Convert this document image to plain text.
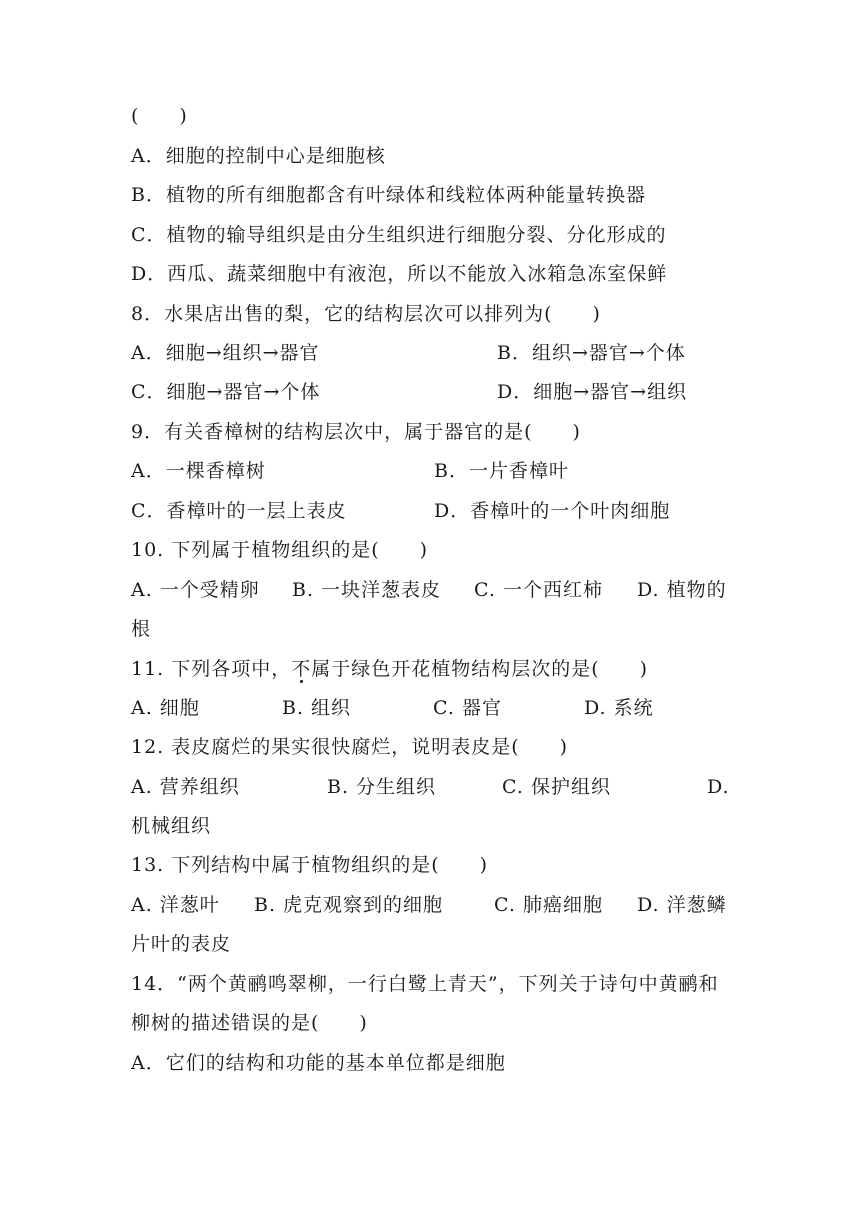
(　　)
A．细胞的控制中心是细胞核
B．植物的所有细胞都含有叶绿体和线粒体两种能量转换器
C．植物的输导组织是由分生组织进行细胞分裂、分化形成的
D．西瓜、蔬菜细胞中有液泡，所以不能放入冰箱急冻室保鲜
8．水果店出售的梨，它的结构层次可以排列为(　　)
A．细胞→组织→器官	B．组织→器官→个体
C．细胞→器官→个体	D．细胞→器官→组织
9．有关香樟树的结构层次中，属于器官的是(　　)
A．一棵香樟树	B．一片香樟叶
C．香樟叶的一层上表皮	D．香樟叶的一个叶肉细胞
10. 下列属于植物组织的是(　　)
A. 一个受精卵 B. 一块洋葱表皮 C. 一个西红柿 D. 植物的
根
11. 下列各项中，不属于绿色开花植物结构层次的是(　　)
A. 细胞	B. 组织	C. 器官	D. 系统
12. 表皮腐烂的果实很快腐烂，说明表皮是(　　)
A. 营养组织	B. 分生组织	C. 保护组织	D.
机械组织
13. 下列结构中属于植物组织的是(　　)
A. 洋葱叶 B. 虎克观察到的细胞	C. 肺癌细胞 D. 洋葱鳞
片叶的表皮
14．“两个黄鹂鸣翠柳，一行白鹭上青天”，下列关于诗句中黄鹂和
柳树的描述错误的是(　　)
A．它们的结构和功能的基本单位都是细胞
